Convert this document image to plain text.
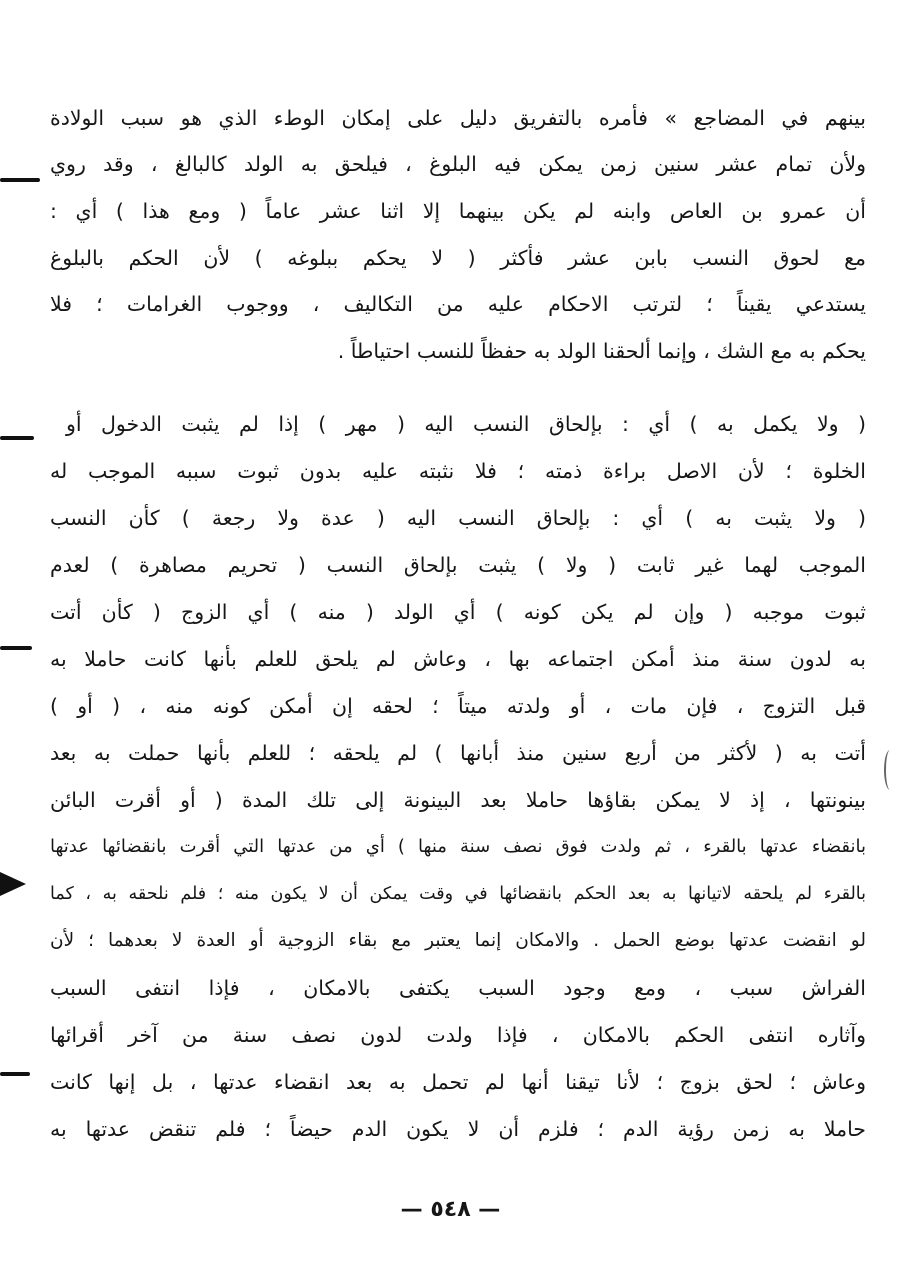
بينهم في المضاجع » فأمره بالتفريق دليل على إمكان الوطء الذي هو سبب الولادة
ولأن تمام عشر سنين زمن يمكن فيه البلوغ ، فيلحق به الولد كالبالغ ، وقد روي
أن عمرو بن العاص وابنه لم يكن بينهما إلا اثنا عشر عاماً ( ومع هذا ) أي :
مع لحوق النسب بابن عشر فأكثر ( لا يحكم ببلوغه ) لأن الحكم بالبلوغ
يستدعي يقيناً ؛ لترتب الاحكام عليه من التكاليف ، ووجوب الغرامات ؛ فلا
يحكم به مع الشك ، وإنما ألحقنا الولد به حفظاً للنسب احتياطاً .
( ولا يكمل به ) أي : بإلحاق النسب اليه ( مهر ) إذا لم يثبت الدخول أو
الخلوة ؛ لأن الاصل براءة ذمته ؛ فلا نثبته عليه بدون ثبوت سببه الموجب له
( ولا يثبت به ) أي : بإلحاق النسب اليه ( عدة ولا رجعة ) كأن النسب
الموجب لهما غير ثابت ( ولا ) يثبت بإلحاق النسب ( تحريم مصاهرة ) لعدم
ثبوت موجبه ( وإن لم يكن كونه ) أي الولد ( منه ) أي الزوج ( كأن أتت
به لدون سنة منذ أمكن اجتماعه بها ، وعاش لم يلحق للعلم بأنها كانت حاملا به
قبل التزوج ، فإن مات ، أو ولدته ميتاً ؛ لحقه إن أمكن كونه منه ، ( أو )
أتت به ( لأكثر من أربع سنين منذ أبانها ) لم يلحقه ؛ للعلم بأنها حملت به بعد
بينونتها ، إذ لا يمكن بقاؤها حاملا بعد البينونة إلى تلك المدة ( أو أقرت البائن
بانقضاء عدتها بالقرء ، ثم ولدت فوق نصف سنة منها ) أي من عدتها التي أقرت بانقضائها عدتها
بالقرء لم يلحقه لاتيانها به بعد الحكم بانقضائها في وقت يمكن أن لا يكون منه ؛ فلم نلحقه به ، كما
لو انقضت عدتها بوضع الحمل . والامكان إنما يعتبر مع بقاء الزوجية أو العدة لا بعدهما ؛ لأن
الفراش سبب ، ومع وجود السبب يكتفى بالامكان ، فإذا انتفى السبب
وآثاره انتفى الحكم بالامكان ، فإذا ولدت لدون نصف سنة من آخر أقرائها
وعاش ؛ لحق بزوج ؛ لأنا تيقنا أنها لم تحمل به بعد انقضاء عدتها ، بل إنها كانت
حاملا به زمن رؤية الدم ؛ فلزم أن لا يكون الدم حيضاً ؛ فلم تنقض عدتها به
— ٥٤٨ —
